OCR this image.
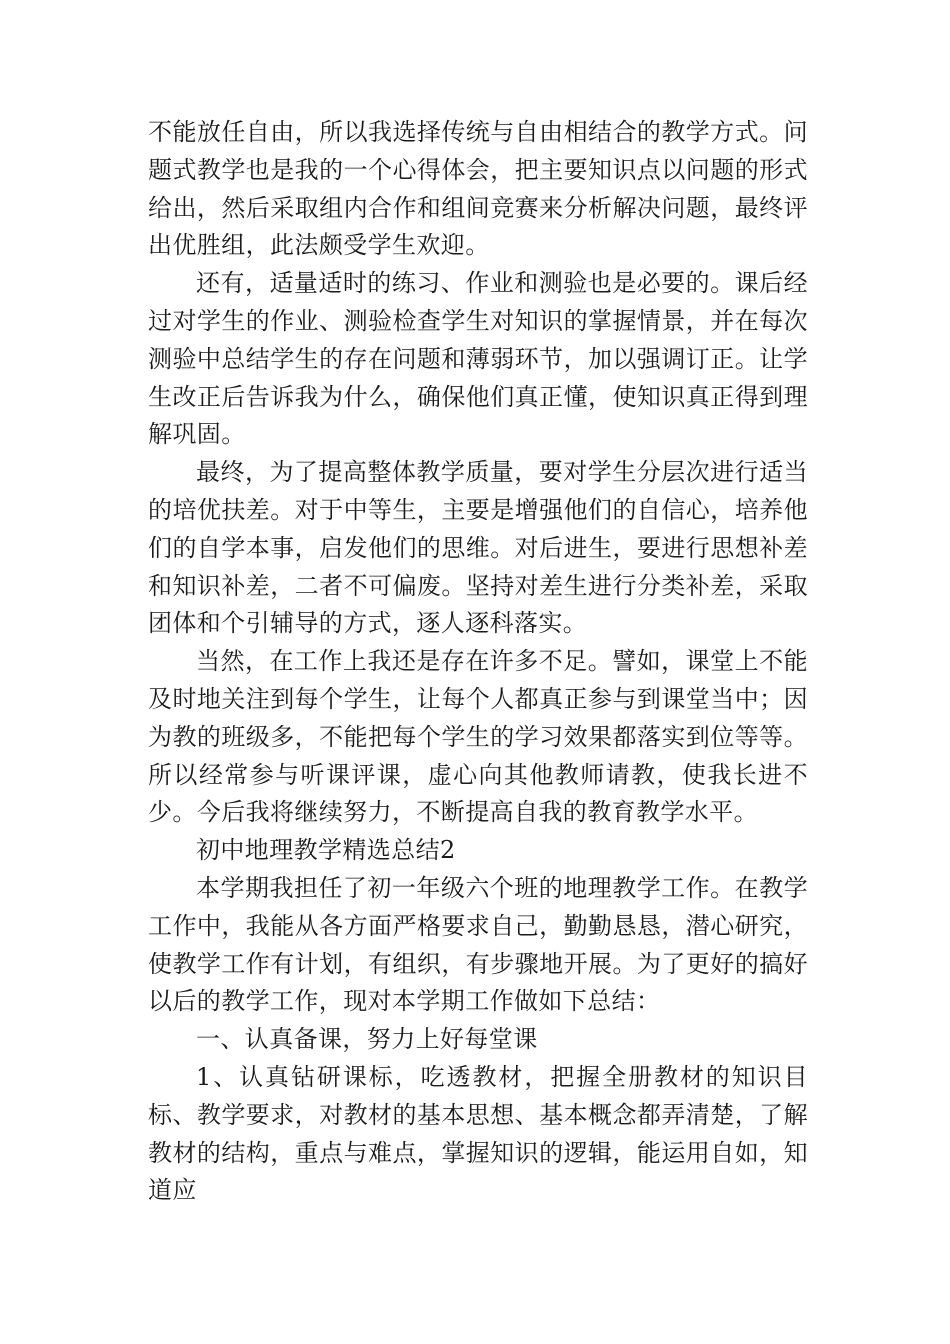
不能放任自由，所以我选择传统与自由相结合的教学方式。问题式教学也是我的一个心得体会，把主要知识点以问题的形式给出，然后采取组内合作和组间竞赛来分析解决问题，最终评出优胜组，此法颇受学生欢迎。

还有，适量适时的练习、作业和测验也是必要的。课后经过对学生的作业、测验检查学生对知识的掌握情景，并在每次测验中总结学生的存在问题和薄弱环节，加以强调订正。让学生改正后告诉我为什么，确保他们真正懂，使知识真正得到理解巩固。

最终，为了提高整体教学质量，要对学生分层次进行适当的培优扶差。对于中等生，主要是增强他们的自信心，培养他们的自学本事，启发他们的思维。对后进生，要进行思想补差和知识补差，二者不可偏废。坚持对差生进行分类补差，采取团体和个引辅导的方式，逐人逐科落实。

当然，在工作上我还是存在许多不足。譬如，课堂上不能及时地关注到每个学生，让每个人都真正参与到课堂当中；因为教的班级多，不能把每个学生的学习效果都落实到位等等。所以经常参与听课评课，虚心向其他教师请教，使我长进不少。今后我将继续努力，不断提高自我的教育教学水平。

初中地理教学精选总结2

本学期我担任了初一年级六个班的地理教学工作。在教学工作中，我能从各方面严格要求自己，勤勤恳恳，潜心研究，使教学工作有计划，有组织，有步骤地开展。为了更好的搞好以后的教学工作，现对本学期工作做如下总结：

一、认真备课，努力上好每堂课

1、认真钻研课标，吃透教材，把握全册教材的知识目标、教学要求，对教材的基本思想、基本概念都弄清楚，了解教材的结构，重点与难点，掌握知识的逻辑，能运用自如，知道应
